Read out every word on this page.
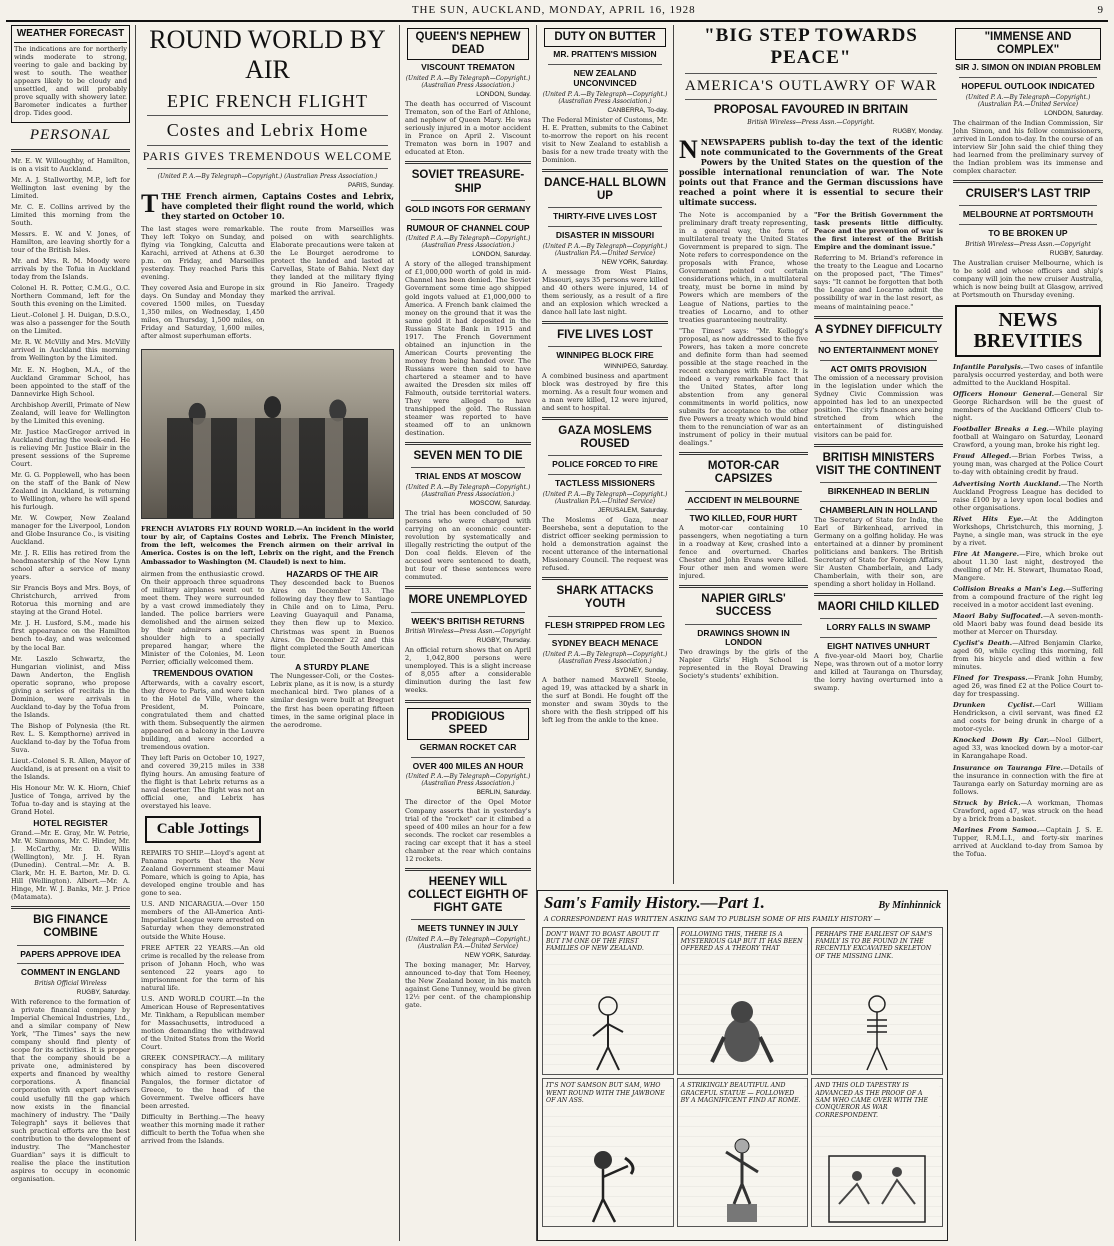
THE SUN, AUCKLAND, MONDAY, APRIL 16, 1928	9
WEATHER FORECAST
The indications are for northerly winds moderate to strong, veering to gale and backing by west to south. The weather appears likely to be cloudy and unsettled, and will probably prove squally with showery later. Barometer indicates a further drop. Tides good.
PERSONAL
Mr. E. W. Willoughby, of Hamilton, is on a visit to Auckland.
Mr. A. J. Stallworthy, M.P., left for Wellington last evening by the Limited.
Mr. C. E. Collins arrived by the Limited this morning from the South.
Messrs. E. W. and V. Jones, of Hamilton, are leaving shortly for a tour of the British Isles.
Mr. and Mrs. R. M. Moody were arrivals by the Tofua in Auckland today from the Islands.
Colonel H. R. Potter, C.M.G., O.C. Northern Command, left for the South this evening on the Limited.
Lieut.-Colonel J. H. Duigan, D.S.O., was also a passenger for the South on the Limited.
Mr. R. W. McVilly and Mrs. McVilly arrived in Auckland this morning from Wellington by the Limited.
Mr. E. N. Hogben, M.A., of the Auckland Grammar School, has been appointed to the staff of the Dannevirke High School.
Archbishop Averill, Primate of New Zealand, will leave for Wellington by the Limited this evening.
Mr. Justice MacGregor arrived in Auckland during the week-end. He is relieving Mr. Justice Blair in the present sessions of the Supreme Court.
Mr. G. G. Popplewell, who has been on the staff of the Bank of New Zealand in Auckland, is returning to Wellington, where he will spend his furlough.
Mr. W. Cowper, New Zealand manager for the Liverpool, London and Globe Insurance Co., is visiting Auckland.
Mr. J. R. Ellis has retired from the headmastership of the New Lynn school after a service of many years.
Sir Francis Boys and Mrs. Boys, of Christchurch, arrived from Rotorua this morning and are staying at the Grand Hotel.
Mr. J. H. Lusford, S.M., made his first appearance on the Hamilton bench to-day, and was welcomed by the local Bar.
Mr. Laszlo Schwartz, the Hungarian violinist, and Miss Dawn Anderton, the English operatic soprano, who propose giving a series of recitals in the Dominion, were arrivals in Auckland to-day by the Tofua from the Islands.
The Bishop of Polynesia (the Rt. Rev. L. S. Kempthorne) arrived in Auckland to-day by the Tofua from Suva.
Lieut.-Colonel S. R. Allen, Mayor of Auckland, is at present on a visit to the Islands.
His Honour Mr. W. K. Hiorn, Chief Justice of Tonga, arrived by the Tofua to-day and is staying at the Grand Hotel.
HOTEL REGISTER
Grand.—Mr. E. Gray, Mr. W. Petrie, Mr. W. Simmons, Mr. C. Hinder, Mr. J. McCarthy, Mr. D. Willis (Wellington), Mr. J. H. Ryan (Dunedin). Central.—Mr. A. B. Clark, Mr. H. E. Barton, Mr. D. G. Hill (Wellington). Albert.—Mr. A. Hinge, Mr. W. J. Banks, Mr. J. Price (Matamata).
BIG FINANCE COMBINE
PAPERS APPROVE IDEA
COMMENT IN ENGLAND
British Official Wireless
RUGBY, Saturday.
With reference to the formation of a private financial company by Imperial Chemical Industries, Ltd., and a similar company of New York, "The Times" says the new company should find plenty of scope for its activities. It is proper that the company should be a private one, administered by experts and financed by wealthy corporations. A financial corporation with expert advisers could usefully fill the gap which now exists in the financial machinery of industry. The "Daily Telegraph" says it believes that such practical efforts are the best contribution to the development of industry. The "Manchester Guardian" says it is difficult to realise the place the institution aspires to occupy in economic organisation.
ROUND WORLD BY AIR
EPIC FRENCH FLIGHT
Costes and Lebrix Home
PARIS GIVES TREMENDOUS WELCOME
(United P. A.—By Telegraph—Copyright.) (Australian Press Association.)
PARIS, Sunday.
TTHE French airmen, Captains Costes and Lebrix, have completed their flight round the world, which they started on October 10.
The last stages were remarkable. They left Tokyo on Sunday, and flying via Tongking, Calcutta and Karachi, arrived at Athens at 6.30 p.m. on Friday, and Marseilles yesterday. They reached Paris this evening.
They covered Asia and Europe in six days. On Sunday and Monday they covered 1500 miles, on Tuesday 1,350 miles, on Wednesday, 1,450 miles, on Thursday, 1,500 miles, on Friday and Saturday, 1,600 miles, after almost superhuman efforts.
The route from Marseilles was poised on with searchlights. Elaborate precautions were taken at the Le Bourget aerodrome to protect the landed and lasted at Carvellas, State of Bahia. Next day they landed at the military flying ground in Rio Janeiro. Tragedy marked the arrival.
FRENCH AVIATORS FLY ROUND WORLD.—An incident in the world tour by air, of Captains Costes and Lebrix. The French Minister, from the left, welcomes the French airmen on their arrival in America. Costes is on the left, Lebrix on the right, and the French Ambassador to Washington (M. Claudel) is next to him.
airmen from the enthusiastic crowd. On their approach three squadrons of military airplanes went out to meet them. They were surrounded by a vast crowd immediately they landed. The police barriers were demolished and the airmen seized by their admirers and carried shoulder high to a specially prepared hangar, where the Minister of the Colonies, M. Leon Perrier, officially welcomed them.
TREMENDOUS OVATION
Afterwards, with a cavalry escort, they drove to Paris, and were taken to the Hotel de Ville, where the President, M. Poincare, congratulated them and chatted with them. Subsequently the airmen appeared on a balcony in the Louvre building, and were accorded a tremendous ovation.
They left Paris on October 10, 1927, and covered 39,215 miles in 338 flying hours. An amusing feature of the flight is that Lebrix returns as a naval deserter. The flight was not an official one, and Lebrix has overstayed his leave.
Cable Jottings
REPAIRS TO SHIP.—Lloyd's agent at Panama reports that the New Zealand Government steamer Maui Pomare, which is going to Apia, has developed engine trouble and has gone to sea.
U.S. AND NICARAGUA.—Over 150 members of the All-America Anti-Imperialist League were arrested on Saturday when they demonstrated outside the White House.
FREE AFTER 22 YEARS.—An old crime is recalled by the release from prison of Johann Hoch, who was sentenced 22 years ago to imprisonment for the term of his natural life.
U.S. AND WORLD COURT.—In the American House of Representatives Mr. Tinkham, a Republican member for Massachusetts, introduced a motion demanding the withdrawal of the United States from the World Court.
GREEK CONSPIRACY.—A military conspiracy has been discovered which aimed to restore General Pangalos, the former dictator of Greece, to the head of the Government. Twelve officers have been arrested.
Difficulty in Berthing.—The heavy weather this morning made it rather difficult to berth the Tofua when she arrived from the Islands.
HAZARDS OF THE AIR
They descended back to Buenos Aires on December 13. The following day they flew to Santiago in Chile and on to Lima, Peru. Leaving Guayaquil and Panama, they then flew up to Mexico. Christmas was spent in Buenos Aires. On December 22 and this flight completed the South American tour.
A STURDY PLANE
The Nungesser-Coli, or the Costes-Lebrix plane, as it is now, is a sturdy mechanical bird. Two planes of a similar design were built at Breguet the first has been operating fifteen times, in the same original place in the aerodrome.
QUEEN'S NEPHEW DEAD
VISCOUNT TREMATON
(United P. A.—By Telegraph—Copyright.) (Australian Press Association.)
LONDON, Sunday.
The death has occurred of Viscount Trematon, son of the Earl of Athlone, and nephew of Queen Mary. He was seriously injured in a motor accident in France on April 2. Viscount Trematon was born in 1907 and educated at Eton.
SOVIET TREASURE-SHIP
GOLD INGOTS FOR GERMANY
RUMOUR OF CHANNEL COUP
(United P. A.—By Telegraph—Copyright.) (Australian Press Association.)
LONDON, Saturday.
A story of the alleged transhipment of £1,000,000 worth of gold in mid-Channel has been denied. The Soviet Government some time ago shipped gold ingots valued at £1,000,000 to America. A French bank claimed the money on the ground that it was the same gold it had deposited in the Russian State Bank in 1915 and 1917. The French Government obtained an injunction in the American Courts preventing the money from being handed over. The Russians were then said to have chartered a steamer and to have awaited the Dresden six miles off Falmouth, outside territorial waters. They were alleged to have transhipped the gold. The Russian steamer was reported to have steamed off to an unknown destination.
SEVEN MEN TO DIE
TRIAL ENDS AT MOSCOW
(United P. A.—By Telegraph—Copyright.) (Australian Press Association.)
MOSCOW, Saturday.
The trial has been concluded of 50 persons who were charged with carrying on an economic counter-revolution by systematically and illegally restricting the output of the Don coal fields. Eleven of the accused were sentenced to death, but four of these sentences were commuted.
MORE UNEMPLOYED
WEEK'S BRITISH RETURNS
British Wireless—Press Assn.—Copyright
RUGBY, Thursday.
An official return shows that on April 2, 1,042,800 persons were unemployed. This is a slight increase of 8,055 after a considerable diminution during the last few weeks.
PRODIGIOUS SPEED
GERMAN ROCKET CAR
OVER 400 MILES AN HOUR
(United P. A.—By Telegraph—Copyright.) (Australian Press Association.)
BERLIN, Saturday.
The director of the Opel Motor Company asserts that in yesterday's trial of the "rocket" car it climbed a speed of 400 miles an hour for a few seconds. The rocket car resembles a racing car except that it has a steel chamber at the rear which contains 12 rockets.
HEENEY WILL COLLECT EIGHTH OF FIGHT GATE
MEETS TUNNEY IN JULY
(United P. A.—By Telegraph—Copyright.) (Australian P.A.—United Service)
NEW YORK, Saturday.
The boxing manager, Mr. Harvey, announced to-day that Tom Heeney, the New Zealand boxer, in his match against Gene Tunney, would be given 12½ per cent. of the championship gate.
DUTY ON BUTTER
MR. PRATTEN'S MISSION
NEW ZEALAND UNCONVINCED
(United P. A.—By Telegraph—Copyright.) (Australian Press Association.)
CANBERRA, To-day.
The Federal Minister of Customs, Mr. H. E. Pratten, submits to the Cabinet to-morrow the report on his recent visit to New Zealand to establish a basis for a new trade treaty with the Dominion.
DANCE-HALL BLOWN UP
THIRTY-FIVE LIVES LOST
DISASTER IN MISSOURI
(United P. A.—By Telegraph—Copyright.) (Australian P.A.—United Service)
NEW YORK, Saturday.
A message from West Plains, Missouri, says 35 persons were killed and 40 others were injured, 14 of them seriously, as a result of a fire and an explosion which wrecked a dance hall late last night.
FIVE LIVES LOST
WINNIPEG BLOCK FIRE
WINNIPEG, Saturday.
A combined business and apartment block was destroyed by fire this morning. As a result four women and a man were killed, 12 were injured, and sent to hospital.
GAZA MOSLEMS ROUSED
POLICE FORCED TO FIRE
TACTLESS MISSIONERS
(United P. A.—By Telegraph—Copyright.) (Australian P.A.—United Service)
JERUSALEM, Saturday.
The Moslems of Gaza, near Beersheba, sent a deputation to the district officer seeking permission to hold a demonstration against the recent utterance of the international Missionary Council. The request was refused.
SHARK ATTACKS YOUTH
FLESH STRIPPED FROM LEG
SYDNEY BEACH MENACE
(United P. A.—By Telegraph—Copyright.) (Australian Press Association.)
SYDNEY, Sunday.
A bather named Maxwell Steele, aged 19, was attacked by a shark in the surf at Bondi. He fought off the monster and swam 30yds to the shore with the flesh stripped off his left leg from the ankle to the knee.
"BIG STEP TOWARDS PEACE"
AMERICA'S OUTLAWRY OF WAR
PROPOSAL FAVOURED IN BRITAIN
British Wireless—Press Assn.—Copyright.
RUGBY, Monday.
NNEWSPAPERS publish to-day the text of the identic note communicated to the Governments of the Great Powers by the United States on the question of the possible international renunciation of war. The Note points out that France and the German discussions have reached a point where it is essential to secure their ultimate success.
The Note is accompanied by a preliminary draft treaty representing, in a general way, the form of multilateral treaty the United States Government is prepared to sign. The Note refers to correspondence on the proposals with France, whose Government pointed out certain considerations which, in a multilateral treaty, must be borne in mind by Powers which are members of the League of Nations, parties to the treaties of Locarno, and to other treaties guaranteeing neutrality.
"The Times" says: "Mr. Kellogg's proposal, as now addressed to the five Powers, has taken a more concrete and definite form than had seemed possible at the stage reached in the recent exchanges with France. It is indeed a very remarkable fact that the United States, after long abstention from any general commitments in world politics, now submits for acceptance to the other five Powers a treaty which would bind them to the renunciation of war as an instrument of policy in their mutual dealings."
MOTOR-CAR CAPSIZES
ACCIDENT IN MELBOURNE
TWO KILLED, FOUR HURT
A motor-car containing 10 passengers, when negotiating a turn in a roadway at Kew, crashed into a fence and overturned. Charles Chester and John Evans were killed. Four other men and women were injured.
NAPIER GIRLS' SUCCESS
DRAWINGS SHOWN IN LONDON
Two drawings by the girls of the Napier Girls' High School is represented in the Royal Drawing Society's students' exhibition.
"For the British Government the task presents little difficulty. Peace and the prevention of war is the first interest of the British Empire and the dominant issue."
Referring to M. Briand's reference in the treaty to the League and Locarno on the proposed pact, "The Times" says: "It cannot be forgotten that both the League and Locarno admit the possibility of war in the last resort, as means of maintaining peace."
A SYDNEY DIFFICULTY
NO ENTERTAINMENT MONEY
ACT OMITS PROVISION
The omission of a necessary provision in the legislation under which the Sydney Civic Commission was appointed has led to an unexpected position. The city's finances are being stretched from which the entertainment of distinguished visitors can be paid for.
BRITISH MINISTERS VISIT THE CONTINENT
BIRKENHEAD IN BERLIN
CHAMBERLAIN IN HOLLAND
The Secretary of State for India, the Earl of Birkenhead, arrived in Germany on a golfing holiday. He was entertained at a dinner by prominent politicians and bankers. The British Secretary of State for Foreign Affairs, Sir Austen Chamberlain, and Lady Chamberlain, with their son, are spending a short holiday in Holland.
MAORI CHILD KILLED
LORRY FALLS IN SWAMP
EIGHT NATIVES UNHURT
A five-year-old Maori boy, Charlie Nepe, was thrown out of a motor lorry and killed at Tauranga on Thursday, the lorry having overturned into a swamp.
Sam's Family History.—Part 1.	By Minhinnick
A CORRESPONDENT HAS WRITTEN ASKING SAM TO PUBLISH SOME OF HIS FAMILY HISTORY —
DON'T WANT TO BOAST ABOUT IT BUT I'M ONE OF THE FIRST FAMILIES OF NEW ZEALAND.
FOLLOWING THIS, THERE IS A MYSTERIOUS GAP BUT IT HAS BEEN OFFERED AS A THEORY THAT
PERHAPS THE EARLIEST OF SAM'S FAMILY IS TO BE FOUND IN THE RECENTLY EXCAVATED SKELETON OF THE MISSING LINK.
IT'S NOT SAMSON BUT SAM, WHO WENT ROUND WITH THE JAWBONE OF AN ASS.
A STRIKINGLY BEAUTIFUL AND GRACEFUL STATUE — FOLLOWED BY A MAGNIFICENT FIND AT ROME.
AND THIS OLD TAPESTRY IS ADVANCED AS THE PROOF OF A SAM WHO CAME OVER WITH THE CONQUEROR AS WAR CORRESPONDENT.
"IMMENSE AND COMPLEX"
SIR J. SIMON ON INDIAN PROBLEM
HOPEFUL OUTLOOK INDICATED
(United P. A.—By Telegraph—Copyright.) (Australian P.A.—United Service)
LONDON, Saturday.
The chairman of the Indian Commission, Sir John Simon, and his fellow commissioners, arrived in London to-day. In the course of an interview Sir John said the chief thing they had learned from the preliminary survey of the Indian problem was its immense and complex character.
CRUISER'S LAST TRIP
MELBOURNE AT PORTSMOUTH
TO BE BROKEN UP
British Wireless—Press Assn.—Copyright
RUGBY, Saturday.
The Australian cruiser Melbourne, which is to be sold and whose officers and ship's company will join the new cruiser Australia, which is now being built at Glasgow, arrived at Portsmouth on Thursday evening.
NEWS BREVITIES
Infantile Paralysis.—Two cases of infantile paralysis occurred yesterday, and both were admitted to the Auckland Hospital.
Officers Honour General.—General Sir George Richardson will be the guest of members of the Auckland Officers' Club to-night.
Footballer Breaks a Leg.—While playing football at Waingaro on Saturday, Leonard Crawford, a young man, broke his right leg.
Fraud Alleged.—Brian Forbes Twiss, a young man, was charged at the Police Court to-day with obtaining credit by fraud.
Advertising North Auckland.—The North Auckland Progress League has decided to raise £100 by a levy upon local bodies and other organisations.
Rivet Hits Eye.—At the Addington Workshops, Christchurch, this morning, J. Payne, a single man, was struck in the eye by a rivet.
Fire At Mangere.—Fire, which broke out about 11.30 last night, destroyed the dwelling of Mr. H. Stewart, Ihumatao Road, Mangere.
Collision Breaks a Man's Leg.—Suffering from a compound fracture of the right leg received in a motor accident last evening.
Maori Baby Suffocated.—A seven-month-old Maori baby was found dead beside its mother at Mercer on Thursday.
Cyclist's Death.—Alfred Benjamin Clarke, aged 60, while cycling this morning, fell from his bicycle and died within a few minutes.
Fined for Trespass.—Frank John Humby, aged 26, was fined £2 at the Police Court to-day for trespassing.
Drunken Cyclist.—Carl William Hendrickson, a civil servant, was fined £2 and costs for being drunk in charge of a motor-cycle.
Knocked Down By Car.—Noel Gilbert, aged 33, was knocked down by a motor-car in Karangahape Road.
Insurance on Tauranga Fire.—Details of the insurance in connection with the fire at Tauranga early on Saturday morning are as follows.
Struck by Brick.—A workman, Thomas Crawford, aged 47, was struck on the head by a brick from a basket.
Marines From Samoa.—Captain J. S. E. Tupper, R.M.L.I., and forty-six marines arrived at Auckland to-day from Samoa by the Tofua.
